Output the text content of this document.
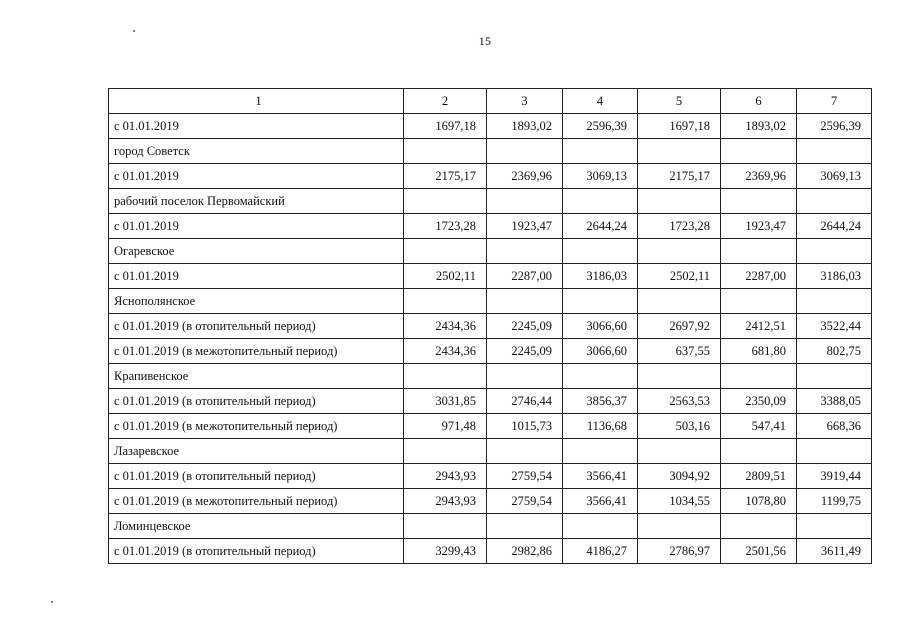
15
1	2	3	4	5	6	7
с 01.01.2019	1697,18	1893,02	2596,39	1697,18	1893,02	2596,39
город Советск						
с 01.01.2019	2175,17	2369,96	3069,13	2175,17	2369,96	3069,13
рабочий поселок Первомайский						
с 01.01.2019	1723,28	1923,47	2644,24	1723,28	1923,47	2644,24
Огаревское						
с 01.01.2019	2502,11	2287,00	3186,03	2502,11	2287,00	3186,03
Яснополянское						
с 01.01.2019 (в отопительный период)	2434,36	2245,09	3066,60	2697,92	2412,51	3522,44
с 01.01.2019 (в межотопительный период)	2434,36	2245,09	3066,60	637,55	681,80	802,75
Крапивенское						
с 01.01.2019 (в отопительный период)	3031,85	2746,44	3856,37	2563,53	2350,09	3388,05
с 01.01.2019 (в межотопительный период)	971,48	1015,73	1136,68	503,16	547,41	668,36
Лазаревское						
с 01.01.2019 (в отопительный период)	2943,93	2759,54	3566,41	3094,92	2809,51	3919,44
с 01.01.2019 (в межотопительный период)	2943,93	2759,54	3566,41	1034,55	1078,80	1199,75
Ломинцевское						
с 01.01.2019 (в отопительный период)	3299,43	2982,86	4186,27	2786,97	2501,56	3611,49
